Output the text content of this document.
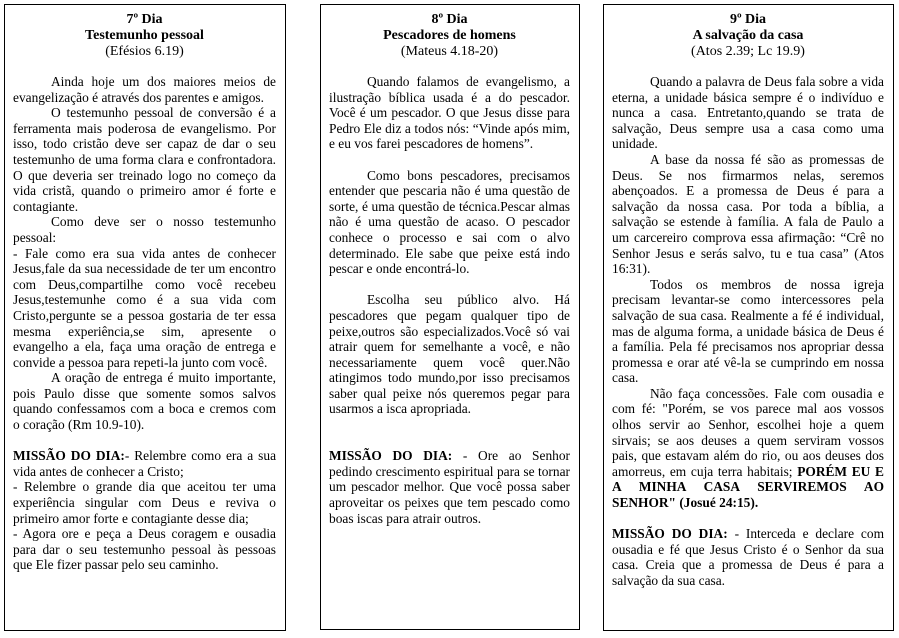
7º Dia
Testemunho pessoal
(Efésios 6.19)

Ainda hoje um dos maiores meios de evangelização é através dos parentes e amigos.

O testemunho pessoal de conversão é a ferramenta mais poderosa de evangelismo. Por isso, todo cristão deve ser capaz de dar o seu testemunho de uma forma clara e confrontadora. O que deveria ser treinado logo no começo da vida cristã, quando o primeiro amor é forte e contagiante.

Como deve ser o nosso testemunho pessoal:

- Fale como era sua vida antes de conhecer Jesus,fale da sua necessidade de ter um encontro com Deus,compartilhe como você recebeu Jesus,testemunhe como é a sua vida com Cristo,pergunte se a pessoa gostaria de ter essa mesma experiência,se sim, apresente o evangelho a ela, faça uma oração de entrega e convide a pessoa para repeti-la junto com você.

A oração de entrega é muito importante, pois Paulo disse que somente somos salvos quando confessamos com a boca e cremos com o coração (Rm 10.9-10).

MISSÃO DO DIA:- Relembre como era a sua vida antes de conhecer a Cristo;

- Relembre o grande dia que aceitou ter uma experiência singular com Deus e reviva o primeiro amor forte e contagiante desse dia;

- Agora ore e peça a Deus coragem e ousadia para dar o seu testemunho pessoal às pessoas que Ele fizer passar pelo seu caminho.

8º Dia
Pescadores de homens
(Mateus 4.18-20)

Quando falamos de evangelismo, a ilustração bíblica usada é a do pescador. Você é um pescador. O que Jesus disse para Pedro Ele diz a todos nós: “Vinde após mim, e eu vos farei pescadores de homens”.

Como bons pescadores, precisamos entender que pescaria não é uma questão de sorte, é uma questão de técnica.Pescar almas não é uma questão de acaso. O pescador conhece o processo e sai com o alvo determinado. Ele sabe que peixe está indo pescar e onde encontrá-lo.

Escolha seu público alvo. Há pescadores que pegam qualquer tipo de peixe,outros são especializados.Você só vai atrair quem for semelhante a você, e não necessariamente quem você quer.Não atingimos todo mundo,por isso precisamos saber qual peixe nós queremos pegar para usarmos a isca apropriada.

MISSÃO DO DIA: - Ore ao Senhor pedindo crescimento espiritual para se tornar um pescador melhor. Que você possa saber aproveitar os peixes que tem pescado como boas iscas para atrair outros.

9º Dia
A salvação da casa
(Atos 2.39; Lc 19.9)

Quando a palavra de Deus fala sobre a vida eterna, a unidade básica sempre é o indivíduo e nunca a casa. Entretanto,quando se trata de salvação, Deus sempre usa a casa como uma unidade.

A base da nossa fé são as promessas de Deus. Se nos firmarmos nelas, seremos abençoados. E a promessa de Deus é para a salvação da nossa casa. Por toda a bíblia, a salvação se estende à família. A fala de Paulo a um carcereiro comprova essa afirmação: “Crê no Senhor Jesus e serás salvo, tu e tua casa” (Atos 16:31).

Todos os membros de nossa igreja precisam levantar-se como intercessores pela salvação de sua casa. Realmente a fé é individual, mas de alguma forma, a unidade básica de Deus é a família. Pela fé precisamos nos apropriar dessa promessa e orar até vê-la se cumprindo em nossa casa.

Não faça concessões. Fale com ousadia e com fé: "Porém, se vos parece mal aos vossos olhos servir ao Senhor, escolhei hoje a quem sirvais; se aos deuses a quem serviram vossos pais, que estavam além do rio, ou aos deuses dos amorreus, em cuja terra habitais; PORÉM EU E A MINHA CASA SERVIREMOS AO SENHOR" (Josué 24:15).

MISSÃO DO DIA: - Interceda e declare com ousadia e fé que Jesus Cristo é o Senhor da sua casa. Creia que a promessa de Deus é para a salvação da sua casa.
